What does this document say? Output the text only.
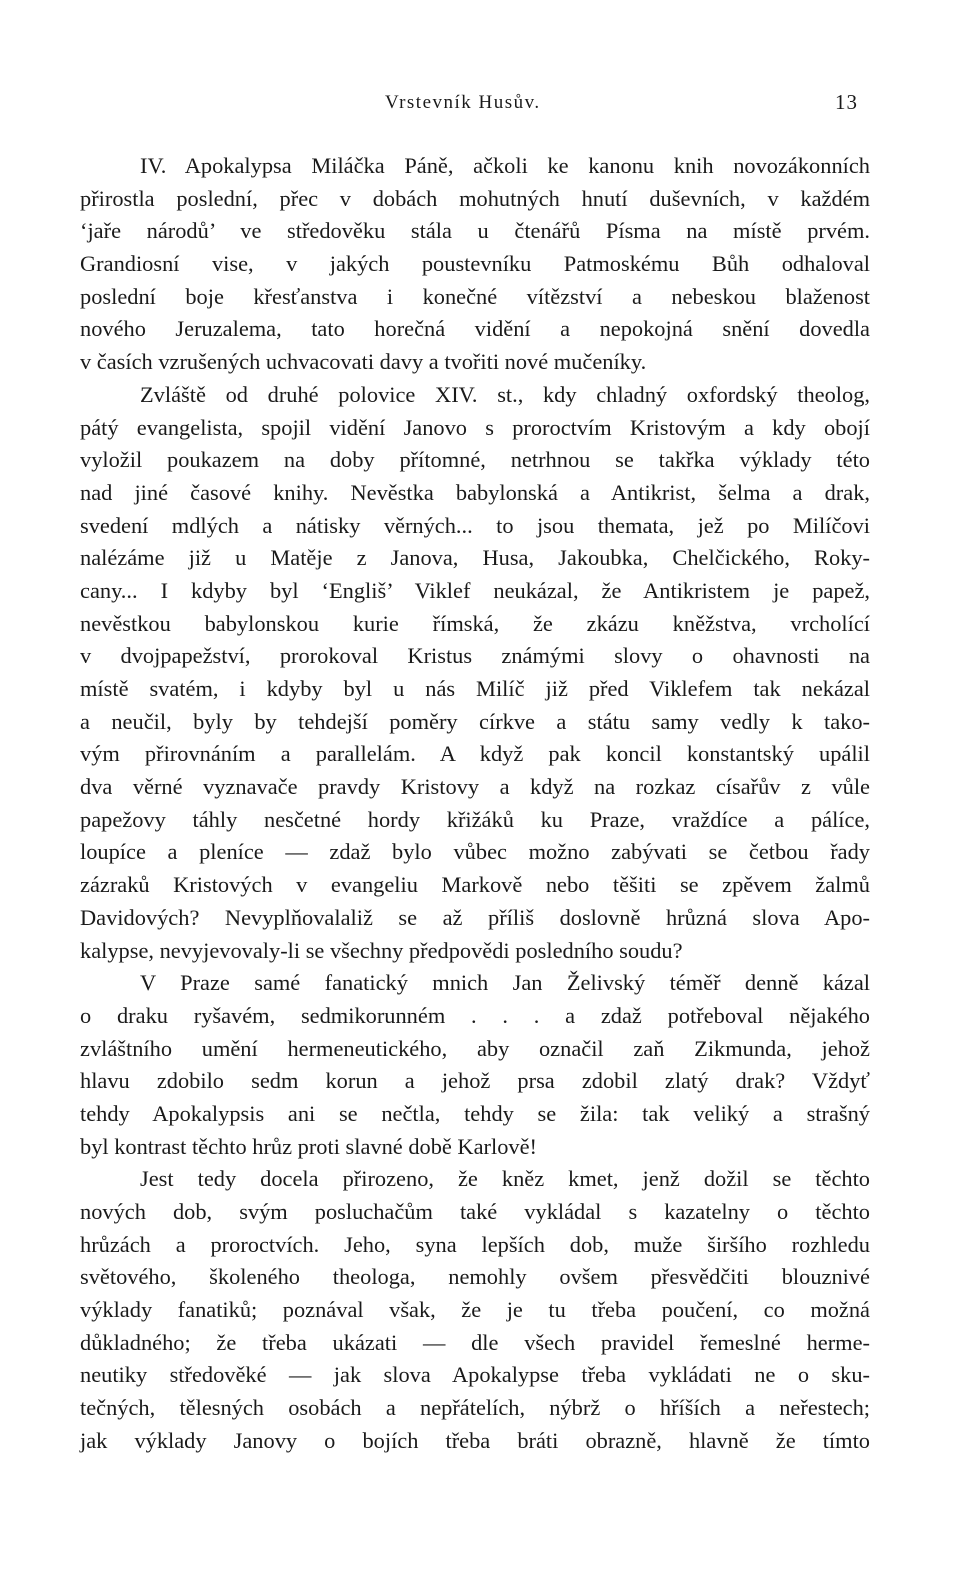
Vrstevník Husův.	13
IV. Apokalypsa Miláčka Páně, ačkoli ke kanonu knih novozákonních
přirostla poslední, přec v dobách mohutných hnutí duševních, v každém
‘jaře národů’ ve středověku stála u čtenářů Písma na místě prvém.
Grandiosní vise, v jakých poustevníku Patmoskému Bůh odhaloval
poslední boje křesťanstva i konečné vítězství a nebeskou blaženost
nového Jeruzalema, tato horečná vidění a nepokojná snění dovedla
v časích vzrušených uchvacovati davy a tvořiti nové mučeníky.
Zvláště od druhé polovice XIV. st., kdy chladný oxfordský theolog,
pátý evangelista, spojil vidění Janovo s proroctvím Kristovým a kdy obojí
vyložil poukazem na doby přítomné, netrhnou se takřka výklady této
nad jiné časové knihy. Nevěstka babylonská a Antikrist, šelma a drak,
svedení mdlých a nátisky věrných... to jsou themata, jež po Milíčovi
nalézáme již u Matěje z Janova, Husa, Jakoubka, Chelčického, Roky-
cany... I kdyby byl ‘Engliš’ Viklef neukázal, že Antikristem je papež,
nevěstkou babylonskou kurie římská, že zkázu kněžstva, vrcholící
v dvojpapežství, prorokoval Kristus známými slovy o ohavnosti na
místě svatém, i kdyby byl u nás Milíč již před Viklefem tak nekázal
a neučil, byly by tehdejší poměry církve a státu samy vedly k tako-
vým přirovnáním a parallelám. A když pak koncil konstantský upálil
dva věrné vyznavače pravdy Kristovy a když na rozkaz císařův z vůle
papežovy táhly nesčetné hordy křižáků ku Praze, vraždíce a pálíce,
loupíce a pleníce — zdaž bylo vůbec možno zabývati se četbou řady
zázraků Kristových v evangeliu Markově nebo těšiti se zpěvem žalmů
Davidových? Nevyplňovalaliž se až příliš doslovně hrůzná slova Apo-
kalypse, nevyjevovaly-li se všechny předpovědi posledního soudu?
V Praze samé fanatický mnich Jan Želivský téměř denně kázal
o draku ryšavém, sedmikorunném . . . a zdaž potřeboval nějakého
zvláštního umění hermeneutického, aby označil zaň Zikmunda, jehož
hlavu zdobilo sedm korun a jehož prsa zdobil zlatý drak? Vždyť
tehdy Apokalypsis ani se nečtla, tehdy se žila: tak veliký a strašný
byl kontrast těchto hrůz proti slavné době Karlově!
Jest tedy docela přirozeno, že kněz kmet, jenž dožil se těchto
nových dob, svým posluchačům také vykládal s kazatelny o těchto
hrůzách a proroctvích. Jeho, syna lepších dob, muže širšího rozhledu
světového, školeného theologa, nemohly ovšem přesvědčiti blouznivé
výklady fanatiků; poznával však, že je tu třeba poučení, co možná
důkladného; že třeba ukázati — dle všech pravidel řemeslné herme-
neutiky středověké — jak slova Apokalypse třeba vykládati ne o sku-
tečných, tělesných osobách a nepřátelích, nýbrž o hříších a neřestech;
jak výklady Janovy o bojích třeba bráti obrazně, hlavně že tímto
